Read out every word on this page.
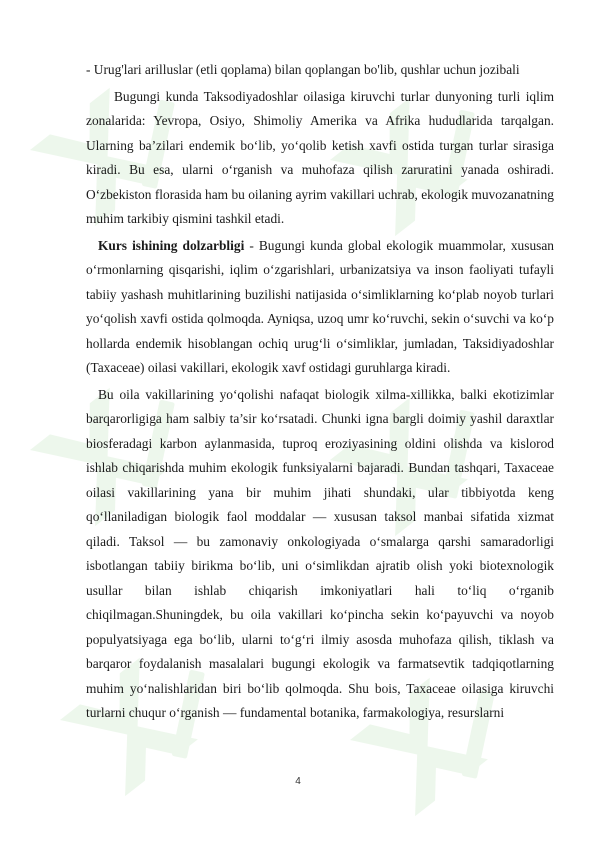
- Urug'lari arilluslar (etli qoplama) bilan qoplangan bo'lib, qushlar uchun jozibali

Bugungi kunda Taksodiyadoshlar oilasiga kiruvchi turlar dunyoning turli iqlim zonalarida: Yevropa, Osiyo, Shimoliy Amerika va Afrika hududlarida tarqalgan. Ularning ba’zilari endemik bo‘lib, yo‘qolib ketish xavfi ostida turgan turlar sirasiga kiradi. Bu esa, ularni o‘rganish va muhofaza qilish zaruratini yanada oshiradi. O‘zbekiston florasida ham bu oilaning ayrim vakillari uchrab, ekologik muvozanatning muhim tarkibiy qismini tashkil etadi.

Kurs ishining dolzarbligi - Bugungi kunda global ekologik muammolar, xususan o‘rmonlarning qisqarishi, iqlim o‘zgarishlari, urbanizatsiya va inson faoliyati tufayli tabiiy yashash muhitlarining buzilishi natijasida o‘simliklarning ko‘plab noyob turlari yo‘qolish xavfi ostida qolmoqda. Ayniqsa, uzoq umr ko‘ruvchi, sekin o‘suvchi va ko‘p hollarda endemik hisoblangan ochiq urug‘li o‘simliklar, jumladan, Taksidiyadoshlar (Taxaceae) oilasi vakillari, ekologik xavf ostidagi guruhlarga kiradi.

Bu oila vakillarining yo‘qolishi nafaqat biologik xilma-xillikka, balki ekotizimlar barqarorligiga ham salbiy ta’sir ko‘rsatadi. Chunki igna bargli doimiy yashil daraxtlar biosferadagi karbon aylanmasida, tuproq eroziyasining oldini olishda va kislorod ishlab chiqarishda muhim ekologik funksiyalarni bajaradi. Bundan tashqari, Taxaceae oilasi vakillarining yana bir muhim jihati shundaki, ular tibbiyotda keng qo‘llaniladigan biologik faol moddalar — xususan taksol manbai sifatida xizmat qiladi. Taksol — bu zamonaviy onkologiyada o‘smalarga qarshi samaradorligi isbotlangan tabiiy birikma bo‘lib, uni o‘simlikdan ajratib olish yoki biotexnologik usullar bilan ishlab chiqarish imkoniyatlari hali to‘liq o‘rganib chiqilmagan.Shuningdek, bu oila vakillari ko‘pincha sekin ko‘payuvchi va noyob populyatsiyaga ega bo‘lib, ularni to‘g‘ri ilmiy asosda muhofaza qilish, tiklash va barqaror foydalanish masalalari bugungi ekologik va farmatsevtik tadqiqotlarning muhim yo‘nalishlaridan biri bo‘lib qolmoqda. Shu bois, Taxaceae oilasiga kiruvchi turlarni chuqur o‘rganish — fundamental botanika, farmakologiya, resurslarni

4
